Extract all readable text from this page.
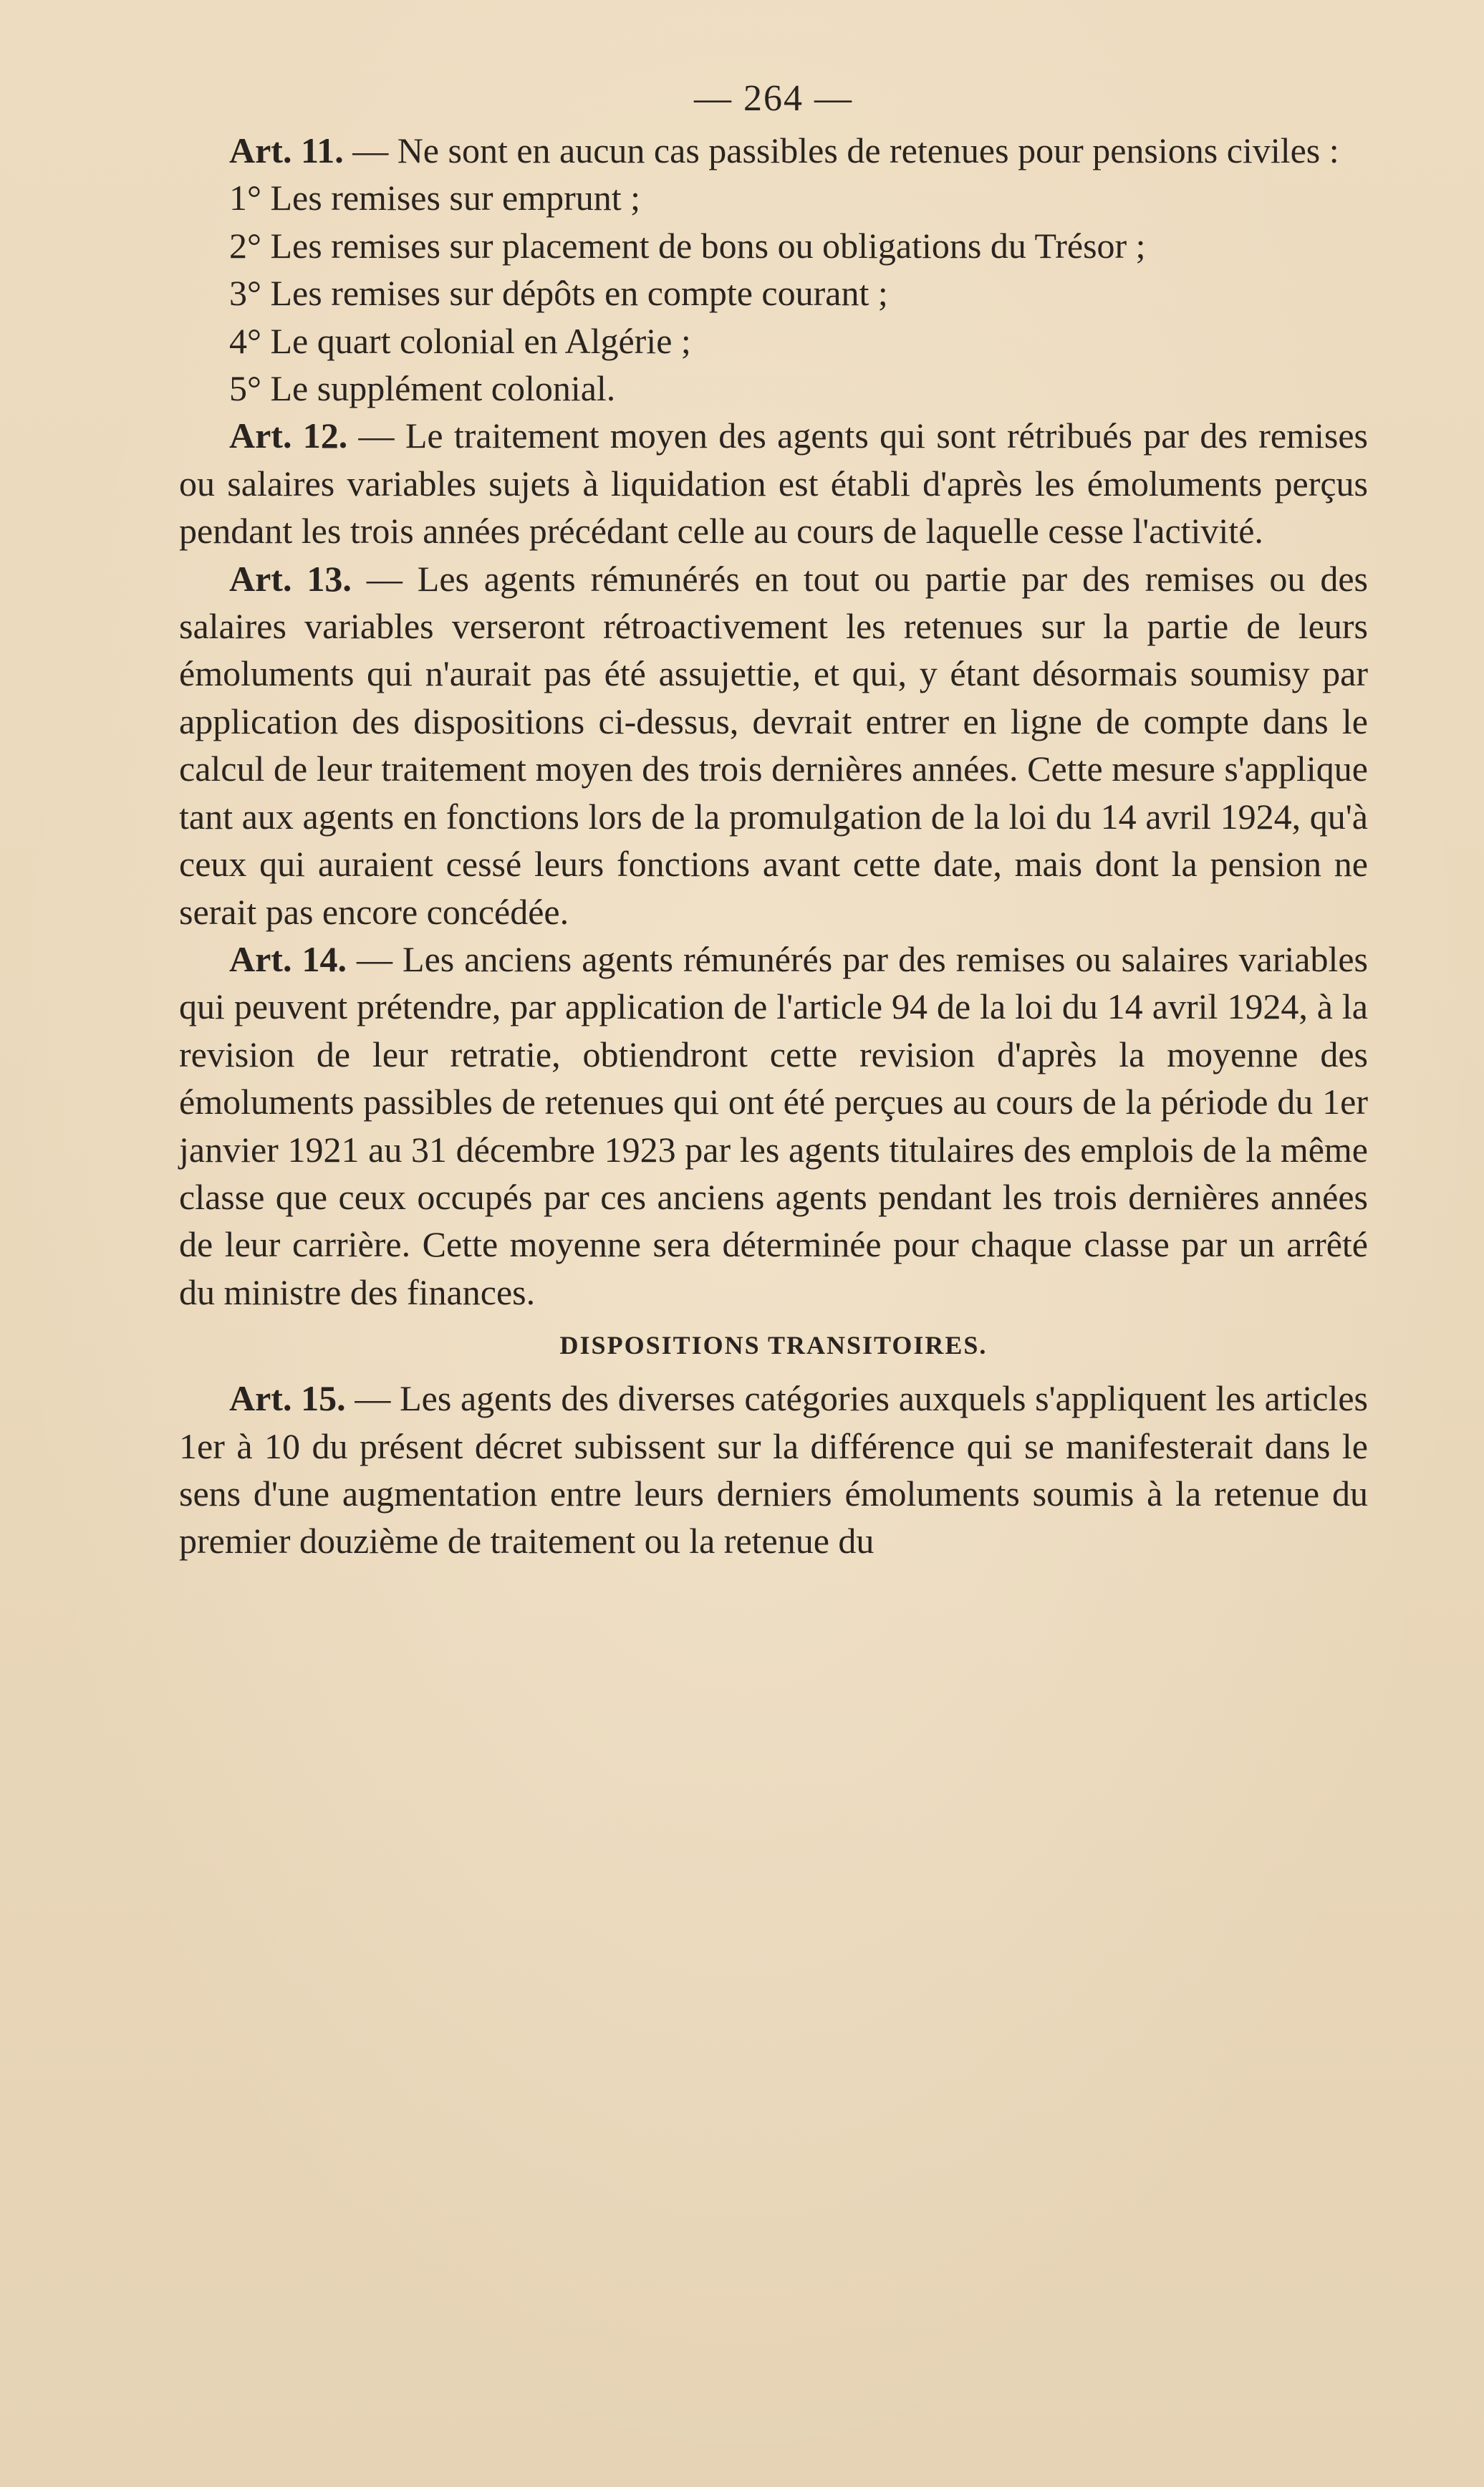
— 264 —

Art. 11. — Ne sont en aucun cas passibles de retenues pour pensions civiles :

1° Les remises sur emprunt ;

2° Les remises sur placement de bons ou obligations du Trésor ;

3° Les remises sur dépôts en compte courant ;

4° Le quart colonial en Algérie ;

5° Le supplément colonial.

Art. 12. — Le traitement moyen des agents qui sont rétribués par des remises ou salaires variables sujets à liquidation est établi d'après les émoluments perçus pendant les trois années précédant celle au cours de laquelle cesse l'activité.

Art. 13. — Les agents rémunérés en tout ou partie par des remises ou des salaires variables verseront rétroactivement les retenues sur la partie de leurs émoluments qui n'aurait pas été assujettie, et qui, y étant désormais soumisy par application des dispositions ci-dessus, devrait entrer en ligne de compte dans le calcul de leur traitement moyen des trois dernières années. Cette mesure s'applique tant aux agents en fonctions lors de la promulgation de la loi du 14 avril 1924, qu'à ceux qui auraient cessé leurs fonctions avant cette date, mais dont la pension ne serait pas encore concédée.

Art. 14. — Les anciens agents rémunérés par des remises ou salaires variables qui peuvent prétendre, par application de l'article 94 de la loi du 14 avril 1924, à la revision de leur retratie, obtiendront cette revision d'après la moyenne des émoluments passibles de retenues qui ont été perçues au cours de la période du 1er janvier 1921 au 31 décembre 1923 par les agents titulaires des emplois de la même classe que ceux occupés par ces anciens agents pendant les trois dernières années de leur carrière. Cette moyenne sera déterminée pour chaque classe par un arrêté du ministre des finances.

DISPOSITIONS TRANSITOIRES.

Art. 15. — Les agents des diverses catégories auxquels s'appliquent les articles 1er à 10 du présent décret subissent sur la différence qui se manifesterait dans le sens d'une augmentation entre leurs derniers émoluments soumis à la retenue du premier douzième de traitement ou la retenue du
